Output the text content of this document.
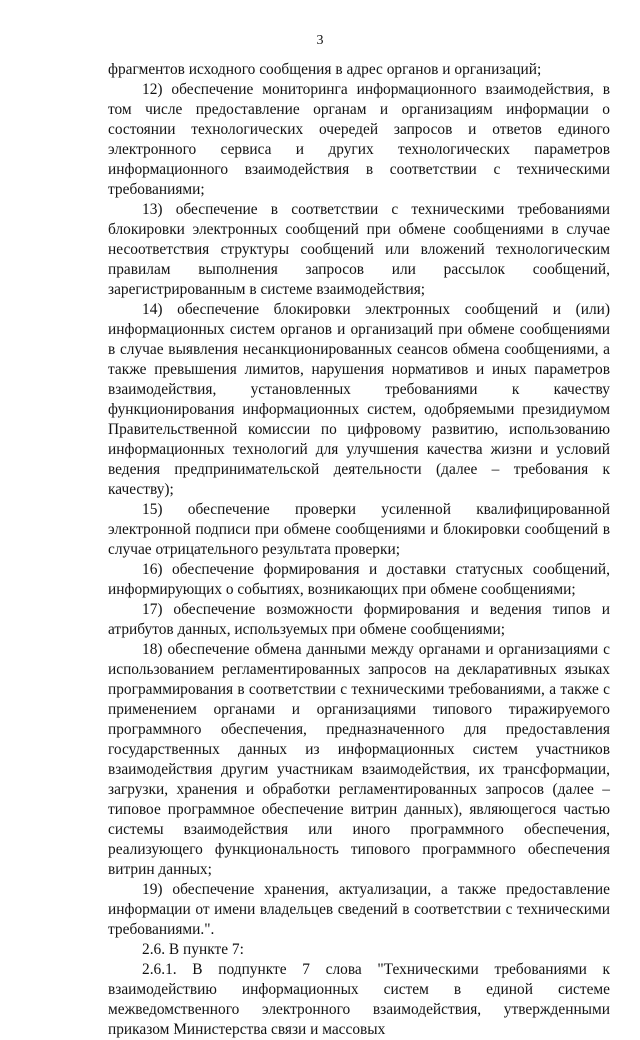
3

фрагментов исходного сообщения в адрес органов и организаций;

12) обеспечение мониторинга информационного взаимодействия, в том числе предоставление органам и организациям информации о состоянии технологических очередей запросов и ответов единого электронного сервиса и других технологических параметров информационного взаимодействия в соответствии с техническими требованиями;

13) обеспечение в соответствии с техническими требованиями блокировки электронных сообщений при обмене сообщениями в случае несоответствия структуры сообщений или вложений технологическим правилам выполнения запросов или рассылок сообщений, зарегистрированным в системе взаимодействия;

14) обеспечение блокировки электронных сообщений и (или) информационных систем органов и организаций при обмене сообщениями в случае выявления несанкционированных сеансов обмена сообщениями, а также превышения лимитов, нарушения нормативов и иных параметров взаимодействия, установленных требованиями к качеству функционирования информационных систем, одобряемыми президиумом Правительственной комиссии по цифровому развитию, использованию информационных технологий для улучшения качества жизни и условий ведения предпринимательской деятельности (далее – требования к качеству);

15) обеспечение проверки усиленной квалифицированной электронной подписи при обмене сообщениями и блокировки сообщений в случае отрицательного результата проверки;

16) обеспечение формирования и доставки статусных сообщений, информирующих о событиях, возникающих при обмене сообщениями;

17) обеспечение возможности формирования и ведения типов и атрибутов данных, используемых при обмене сообщениями;

18) обеспечение обмена данными между органами и организациями с использованием регламентированных запросов на декларативных языках программирования в соответствии с техническими требованиями, а также с применением органами и организациями типового тиражируемого программного обеспечения, предназначенного для предоставления государственных данных из информационных систем участников взаимодействия другим участникам взаимодействия, их трансформации, загрузки, хранения и обработки регламентированных запросов (далее – типовое программное обеспечение витрин данных), являющегося частью системы взаимодействия или иного программного обеспечения, реализующего функциональность типового программного обеспечения витрин данных;

19) обеспечение хранения, актуализации, а также предоставление информации от имени владельцев сведений в соответствии с техническими требованиями.".

2.6. В пункте 7:

2.6.1. В подпункте 7 слова "Техническими требованиями к взаимодействию информационных систем в единой системе межведомственного электронного взаимодействия, утвержденными приказом Министерства связи и массовых
